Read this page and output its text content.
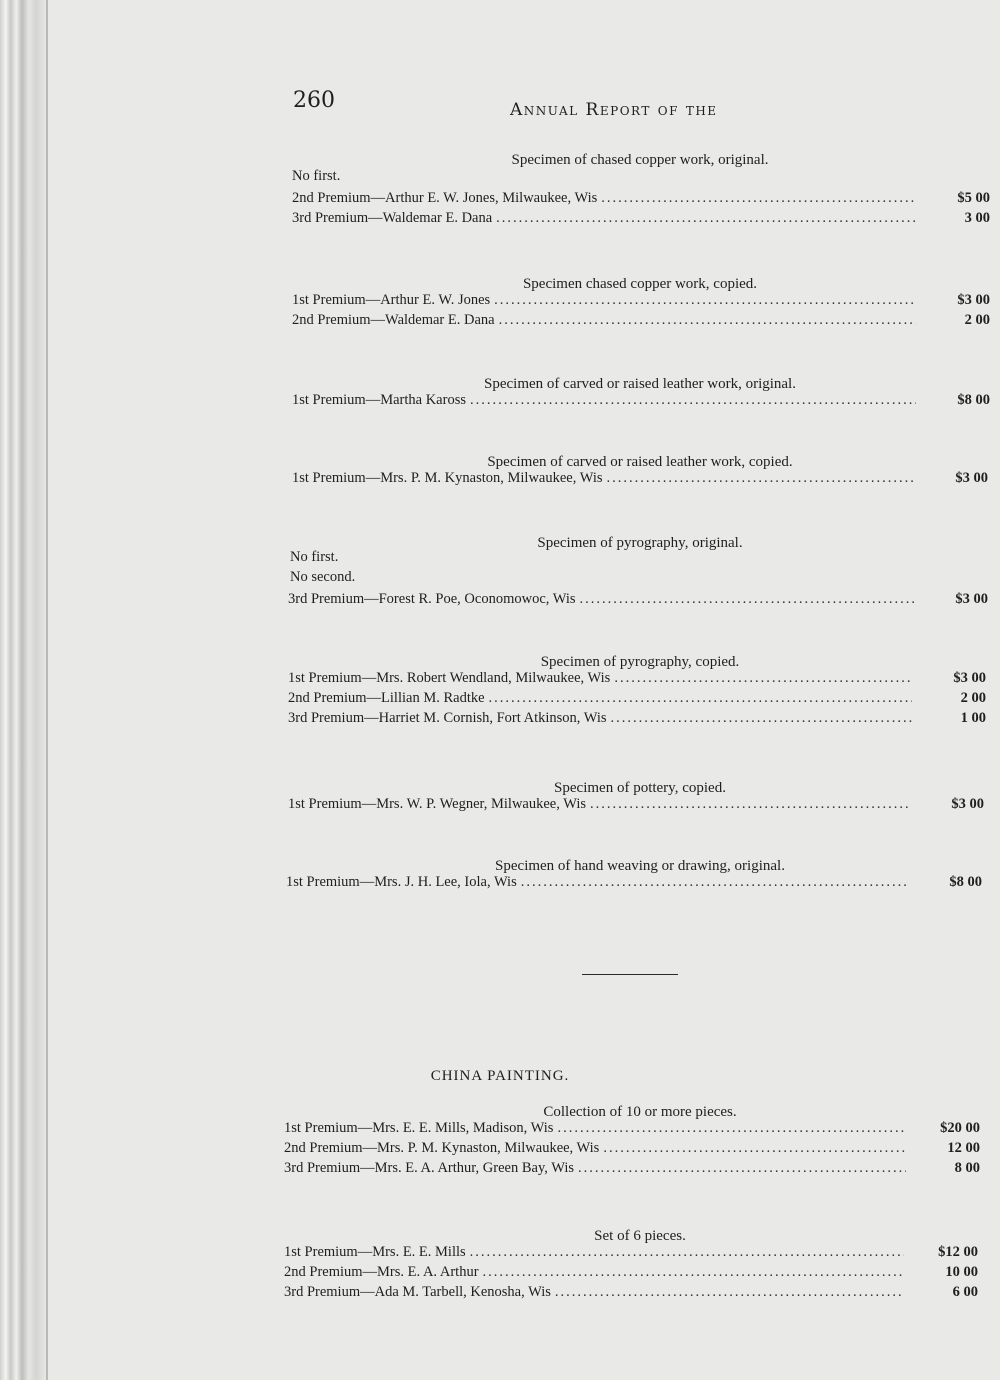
260	Annual Report of the
Specimen of chased copper work, original.
No first.
2nd Premium—Arthur E. W. Jones, Milwaukee, Wis .....	$5 00
3rd Premium—Waldemar E. Dana .....	3 00
Specimen chased copper work, copied.
1st Premium—Arthur E. W. Jones .....	$3 00
2nd Premium—Waldemar E. Dana .....	2 00
Specimen of carved or raised leather work, original.
1st Premium—Martha Kaross .....	$8 00
Specimen of carved or raised leather work, copied.
1st Premium—Mrs. P. M. Kynaston, Milwaukee, Wis .....	$3 00
Specimen of pyrography, original.
No first.
No second.
3rd Premium—Forest R. Poe, Oconomowoc, Wis .....	$3 00
Specimen of pyrography, copied.
1st Premium—Mrs. Robert Wendland, Milwaukee, Wis .....	$3 00
2nd Premium—Lillian M. Radtke .....	2 00
3rd Premium—Harriet M. Cornish, Fort Atkinson, Wis .....	1 00
Specimen of pottery, copied.
1st Premium—Mrs. W. P. Wegner, Milwaukee, Wis .....	$3 00
Specimen of hand weaving or drawing, original.
1st Premium—Mrs. J. H. Lee, Iola, Wis .....	$8 00
CHINA PAINTING.
Collection of 10 or more pieces.
1st Premium—Mrs. E. E. Mills, Madison, Wis .....	$20 00
2nd Premium—Mrs. P. M. Kynaston, Milwaukee, Wis .....	12 00
3rd Premium—Mrs. E. A. Arthur, Green Bay, Wis .....	8 00
Set of 6 pieces.
1st Premium—Mrs. E. E. Mills .....	$12 00
2nd Premium—Mrs. E. A. Arthur .....	10 00
3rd Premium—Ada M. Tarbell, Kenosha, Wis .....	6 00
